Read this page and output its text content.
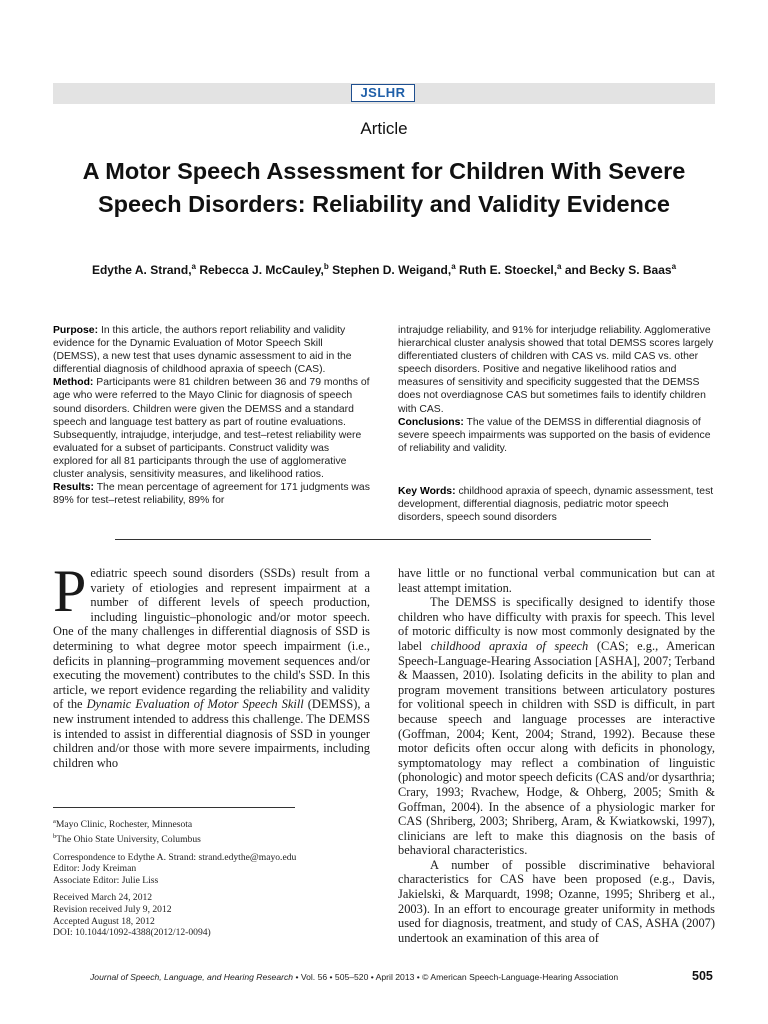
JSLHR
Article
A Motor Speech Assessment for Children With Severe Speech Disorders: Reliability and Validity Evidence
Edythe A. Strand,$^a$ Rebecca J. McCauley,$^b$ Stephen D. Weigand,$^a$ Ruth E. Stoeckel,$^a$ and Becky S. Baas$^a$
Purpose: In this article, the authors report reliability and validity evidence for the Dynamic Evaluation of Motor Speech Skill (DEMSS), a new test that uses dynamic assessment to aid in the differential diagnosis of childhood apraxia of speech (CAS).
Method: Participants were 81 children between 36 and 79 months of age who were referred to the Mayo Clinic for diagnosis of speech sound disorders. Children were given the DEMSS and a standard speech and language test battery as part of routine evaluations. Subsequently, intrajudge, interjudge, and test–retest reliability were evaluated for a subset of participants. Construct validity was explored for all 81 participants through the use of agglomerative cluster analysis, sensitivity measures, and likelihood ratios.
Results: The mean percentage of agreement for 171 judgments was 89% for test–retest reliability, 89% for
intrajudge reliability, and 91% for interjudge reliability. Agglomerative hierarchical cluster analysis showed that total DEMSS scores largely differentiated clusters of children with CAS vs. mild CAS vs. other speech disorders. Positive and negative likelihood ratios and measures of sensitivity and specificity suggested that the DEMSS does not overdiagnose CAS but sometimes fails to identify children with CAS.
Conclusions: The value of the DEMSS in differential diagnosis of severe speech impairments was supported on the basis of evidence of reliability and validity.
Key Words: childhood apraxia of speech, dynamic assessment, test development, differential diagnosis, pediatric motor speech disorders, speech sound disorders

Pediatric speech sound disorders (SSDs) result from a variety of etiologies and represent impairment at a number of different levels of speech production, including linguistic–phonologic and/or motor speech. One of the many challenges in differential diagnosis of SSD is determining to what degree motor speech impairment (i.e., deficits in planning–programming movement sequences and/or executing the movement) contributes to the child's SSD. In this article, we report evidence regarding the reliability and validity of the Dynamic Evaluation of Motor Speech Skill (DEMSS), a new instrument intended to address this challenge. The DEMSS is intended to assist in differential diagnosis of SSD in younger children and/or those with more severe impairments, including children who

have little or no functional verbal communication but can at least attempt imitation.

The DEMSS is specifically designed to identify those children who have difficulty with praxis for speech. This level of motoric difficulty is now most commonly designated by the label childhood apraxia of speech (CAS; e.g., American Speech-Language-Hearing Association [ASHA], 2007; Terband & Maassen, 2010). Isolating deficits in the ability to plan and program movement transitions between articulatory postures for volitional speech in children with SSD is difficult, in part because speech and language processes are interactive (Goffman, 2004; Kent, 2004; Strand, 1992). Because these motor deficits often occur along with deficits in phonology, symptomatology may reflect a combination of linguistic (phonologic) and motor speech deficits (CAS and/or dysarthria; Crary, 1993; Rvachew, Hodge, & Ohberg, 2005; Smith & Goffman, 2004). In the absence of a physiologic marker for CAS (Shriberg, 2003; Shriberg, Aram, & Kwiatkowski, 1997), clinicians are left to make this diagnosis on the basis of behavioral characteristics.

A number of possible discriminative behavioral characteristics for CAS have been proposed (e.g., Davis, Jakielski, & Marquardt, 1998; Ozanne, 1995; Shriberg et al., 2003). In an effort to encourage greater uniformity in methods used for diagnosis, treatment, and study of CAS, ASHA (2007) undertook an examination of this area of

$^a$Mayo Clinic, Rochester, Minnesota
$^b$The Ohio State University, Columbus
Correspondence to Edythe A. Strand: strand.edythe@mayo.edu
Editor: Jody Kreiman
Associate Editor: Julie Liss
Received March 24, 2012
Revision received July 9, 2012
Accepted August 18, 2012
DOI: 10.1044/1092-4388(2012/12-0094)
Journal of Speech, Language, and Hearing Research • Vol. 56 • 505–520 • April 2013 • © American Speech-Language-Hearing Association	505
